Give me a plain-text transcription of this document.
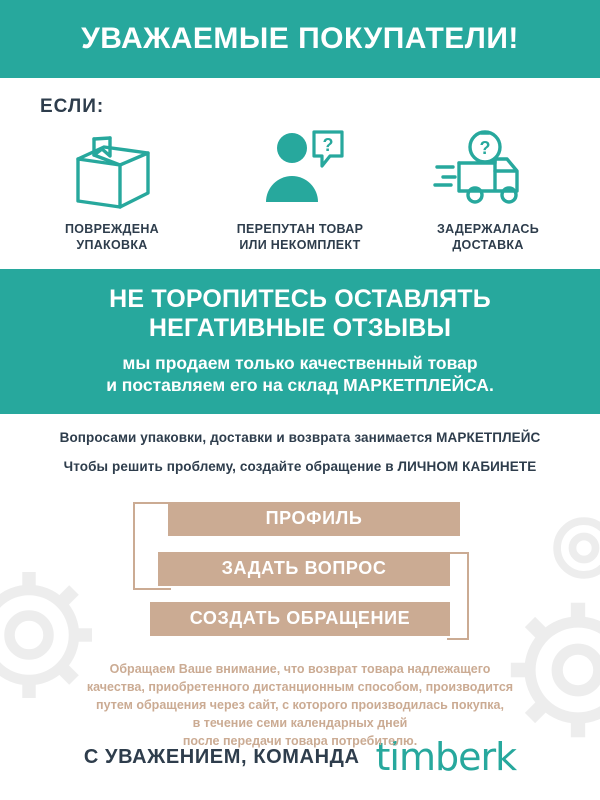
УВАЖАЕМЫЕ ПОКУПАТЕЛИ!
ЕСЛИ:
ПОВРЕЖДЕНА
УПАКОВКА
?
ПЕРЕПУТАН ТОВАР
ИЛИ НЕКОМПЛЕКТ
?
ЗАДЕРЖАЛАСЬ
ДОСТАВКА
НЕ ТОРОПИТЕСЬ ОСТАВЛЯТЬ
НЕГАТИВНЫЕ ОТЗЫВЫ
мы продаем только качественный товар
и поставляем его на склад МАРКЕТПЛЕЙСА.
Вопросами упаковки, доставки и возврата занимается МАРКЕТПЛЕЙС
Чтобы решить проблему, создайте обращение в ЛИЧНОМ КАБИНЕТЕ
ПРОФИЛЬ
ЗАДАТЬ ВОПРОС
СОЗДАТЬ ОБРАЩЕНИЕ
Обращаем Ваше внимание, что возврат товара надлежащего
качества, приобретенного дистанционным способом, производится
путем обращения через сайт, с которого производилась покупка,
в течение семи календарных дней
после передачи товара потребителю.
С УВАЖЕНИЕМ, КОМАНДА timberk
